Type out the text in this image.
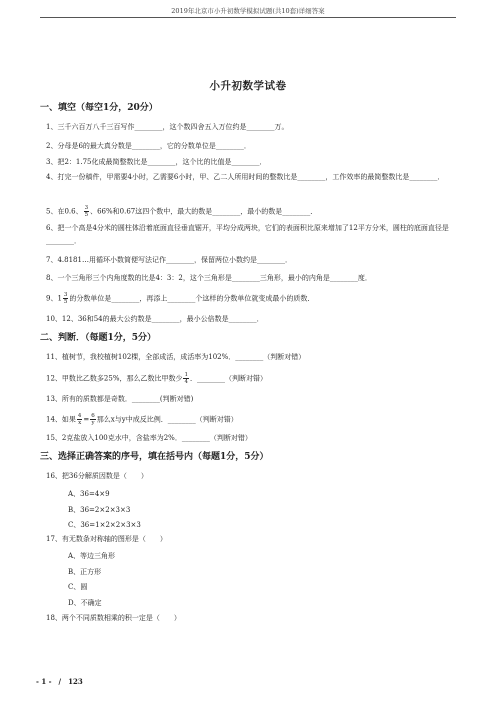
2019年北京市小升初数学模拟试题(共10套)详细答案
小升初数学试卷
一、填空（每空1分，20分）
1、三千六百万八千三百写作________，这个数四舍五入万位约是________万。
2、分母是6的最大真分数是________，它的分数单位是________．
3、把2：1.75化成最简整数比是________，这个比的比值是________．
4、打完一份稿件，甲需要4小时，乙需要6小时，甲、乙二人所用时间的整数比是________，工作效率的最简整数比是________．
5、在0.6、 $\frac{3}{5}$ 、66%和0.67这四个数中，最大的数是________，最小的数是________．
6、把一个高是4分米的圆柱体沿着底面直径垂直锯开，平均分成两块，它们的表面积比原来增加了12平方分米，圆柱的底面直径是________．
7、4.8181…用循环小数简便写法记作________，保留两位小数约是________．
8、一个三角形三个内角度数的比是4：3：2，这个三角形是________三角形，最小的内角是________度．
9、$1 \frac{3}{5}$ 的分数单位是________，再添上________个这样的分数单位就变成最小的质数．
10、12、36和54的最大公约数是________，最小公倍数是________．
二、判断．（每题1分，5分）
11、植树节，我校植树102棵，全部成活，成活率为102%．________（判断对错）
12、甲数比乙数多25%，那么乙数比甲数少 $\frac{1}{4}$ ．________（判断对错）
13、所有的质数都是奇数．________(判断对错)
14、如果 $\frac{4}{x} = \frac{6}{y}$ 那么x与y中成反比例．________（判断对错）
15、2克盐放入100克水中，含盐率为2%．________（判断对错）
三、选择正确答案的序号，填在括号内（每题1分，5分）
16、把36分解质因数是（　　）
A、36=4×9
B、36=2×2×3×3
C、36=1×2×2×3×3
17、有无数条对称轴的图形是（　　）
A、等边三角形
B、正方形
C、圆
D、不确定
18、两个不同质数相乘的积一定是（　　）
- 1 -　/　123
